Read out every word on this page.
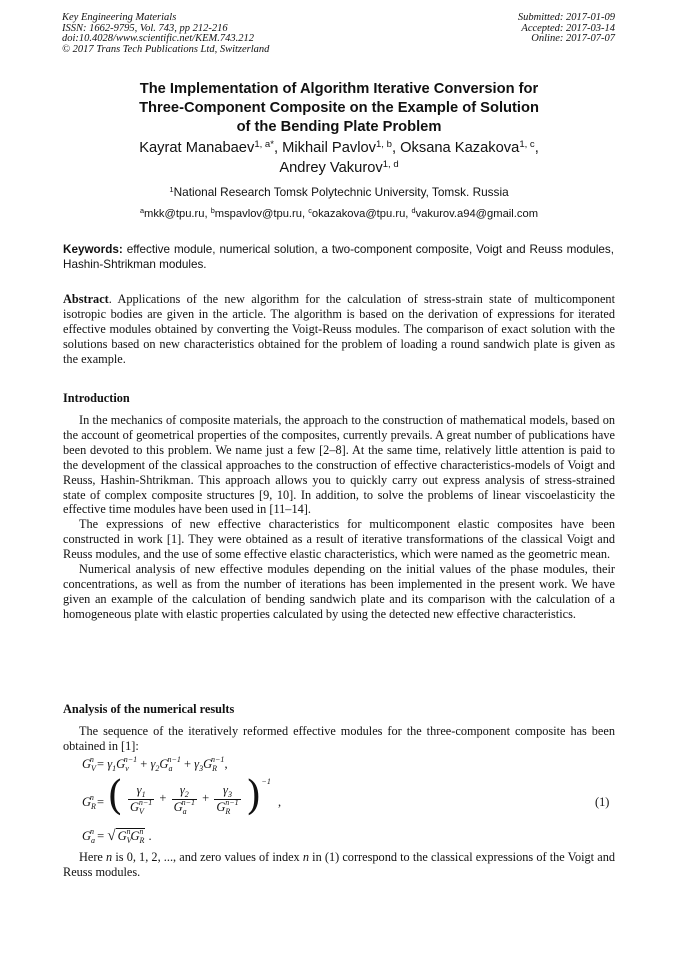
Key Engineering Materials
ISSN: 1662-9795, Vol. 743, pp 212-216
doi:10.4028/www.scientific.net/KEM.743.212
© 2017 Trans Tech Publications Ltd, Switzerland
Submitted: 2017-01-09
Accepted: 2017-03-14
Online: 2017-07-07
The Implementation of Algorithm Iterative Conversion for
Three-Component Composite on the Example of Solution
of the Bending Plate Problem
Kayrat Manabaev$^{1, a*}$, Mikhail Pavlov$^{1, b}$, Oksana Kazakova$^{1, c}$,
Andrey Vakurov$^{1, d}$
$^1$National Research Tomsk Polytechnic University, Tomsk. Russia
$^a$mkk@tpu.ru, $^b$mspavlov@tpu.ru, $^c$okazakova@tpu.ru, $^d$vakurov.a94@gmail.com
Keywords: effective module, numerical solution, a two-component composite, Voigt and Reuss modules, Hashin-Shtrikman modules.

Abstract. Applications of the new algorithm for the calculation of stress-strain state of multicomponent isotropic bodies are given in the article. The algorithm is based on the derivation of expressions for iterated effective modules obtained by converting the Voigt-Reuss modules. The comparison of exact solution with the solutions based on new characteristics obtained for the problem of loading a round sandwich plate is given as the example.

Introduction

In the mechanics of composite materials, the approach to the construction of mathematical models, based on the account of geometrical properties of the composites, currently prevails. A great number of publications have been devoted to this problem. We name just a few [2–8]. At the same time, relatively little attention is paid to the development of the classical approaches to the construction of effective characteristics-models of Voigt and Reuss, Hashin-Shtrikman. This approach allows you to quickly carry out express analysis of stress-strained state of complex composite structures [9, 10]. In addition, to solve the problems of linear viscoelasticity the effective time modules have been used in [11–14].

The expressions of new effective characteristics for multicomponent elastic composites have been constructed in work [1]. They were obtained as a result of iterative transformations of the classical Voigt and Reuss modules, and the use of some effective elastic characteristics, which were named as the geometric mean.

Numerical analysis of new effective modules depending on the initial values of the phase modules, their concentrations, as well as from the number of iterations has been implemented in the present work. We have given an example of the calculation of bending sandwich plate and its comparison with the calculation of a homogeneous plate with elastic properties calculated by using the detected new effective characteristics.

Analysis of the numerical results

The sequence of the iteratively reformed effective modules for the three-component composite has been obtained in [1]:

$G_V^n = \gamma_1G_v^{n-1} + \gamma_2G_a^{n-1} + \gamma_3G_R^{n-1}$,
$G_R^n$ = ( $\frac{\gamma_1}{G_V^{n-1}} + \frac{\gamma_2}{G_a^{n-1}} + \frac{\gamma_3}{G_R^{n-1}} )^{-1}$ ,	(1)
$G_a^n$ = √ $G_V^nG_R^n$ .

Here n is 0, 1, 2, ..., and zero values of index n in (1) correspond to the classical expressions of the Voigt and Reuss modules.
